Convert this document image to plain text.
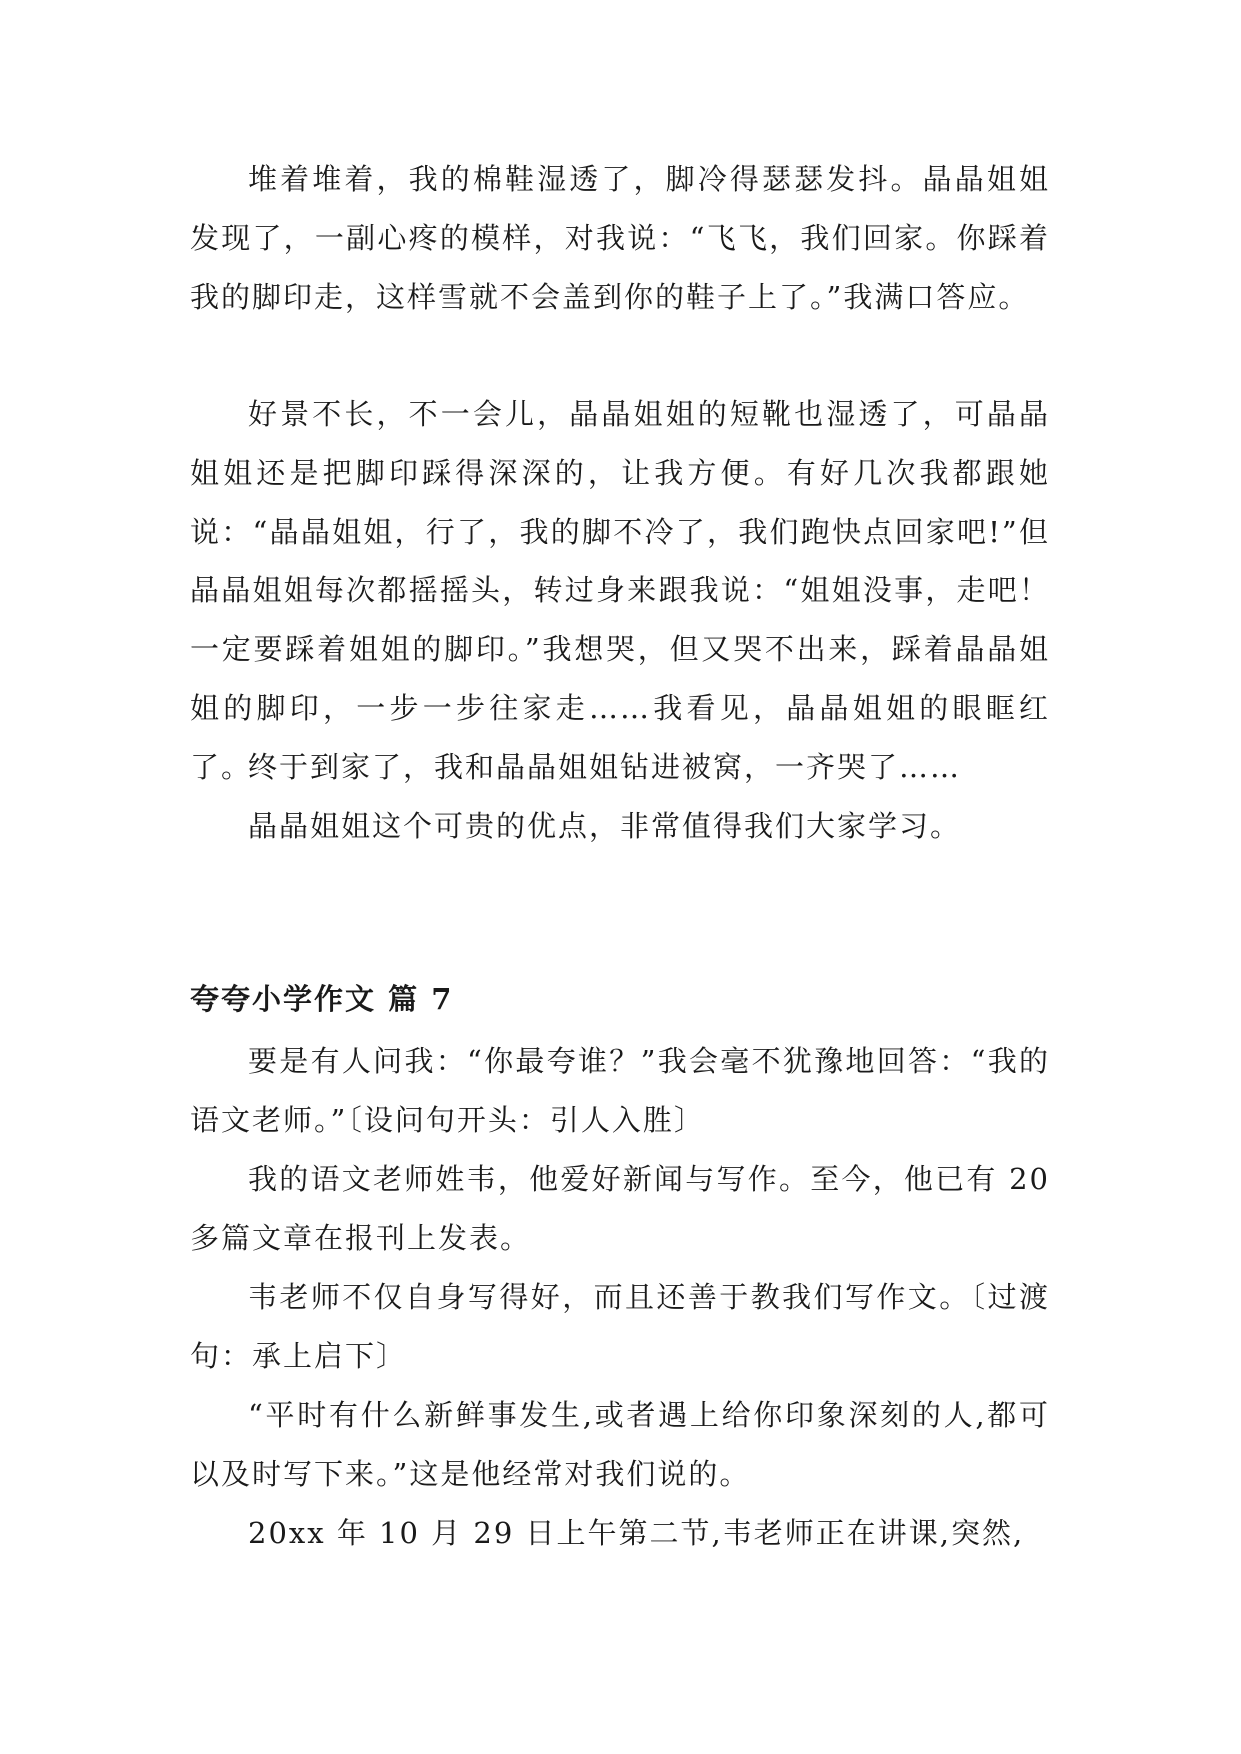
堆着堆着，我的棉鞋湿透了，脚冷得瑟瑟发抖。晶晶姐姐发现了，一副心疼的模样，对我说：“飞飞，我们回家。你踩着我的脚印走，这样雪就不会盖到你的鞋子上了。”我满口答应。

好景不长，不一会儿，晶晶姐姐的短靴也湿透了，可晶晶姐姐还是把脚印踩得深深的，让我方便。有好几次我都跟她说：“晶晶姐姐，行了，我的脚不冷了，我们跑快点回家吧!”但晶晶姐姐每次都摇摇头，转过身来跟我说：“姐姐没事，走吧！一定要踩着姐姐的脚印。”我想哭，但又哭不出来，踩着晶晶姐姐的脚印，一步一步往家走……我看见，晶晶姐姐的眼眶红了。

终于到家了，我和晶晶姐姐钻进被窝，一齐哭了……

晶晶姐姐这个可贵的优点，非常值得我们大家学习。

夸夸小学作文 篇 7

要是有人问我：“你最夸谁？”我会毫不犹豫地回答：“我的语文老师。”〔设问句开头：引人入胜〕

我的语文老师姓韦，他爱好新闻与写作。至今，他已有 20 多篇文章在报刊上发表。

韦老师不仅自身写得好，而且还善于教我们写作文。〔过渡句：承上启下〕

“平时有什么新鲜事发生,或者遇上给你印象深刻的人,都可以及时写下来。”这是他经常对我们说的。

20xx 年 10 月 29 日上午第二节,韦老师正在讲课,突然,
